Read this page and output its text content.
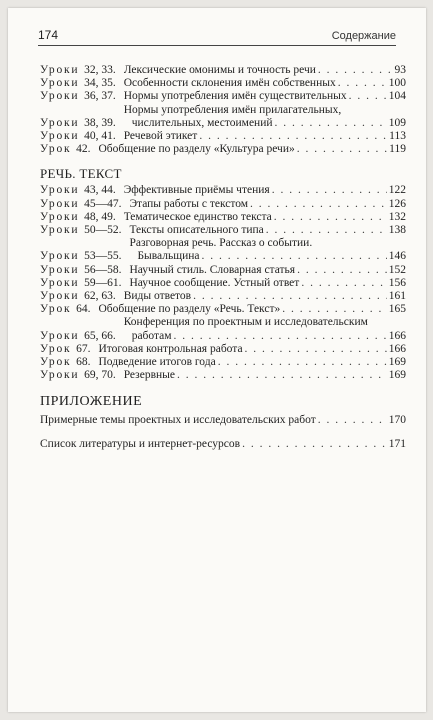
174	Содержание
Уроки 32, 33. Лексические омонимы и точность речи . . .	93
Уроки 34, 35. Особенности склонения имён собственных . . .	100
Уроки 36, 37. Нормы употребления имён существительных . . .	104
Уроки 38, 39.
Нормы употребления имён прилагательных,
числительных, местоимений . . .	109
Уроки 40, 41. Речевой этикет . . .	113
Урок 42. Обобщение по разделу «Культура речи» . . .	119
РЕЧЬ. ТЕКСТ
Уроки 43, 44. Эффективные приёмы чтения . . .	122
Уроки 45—47. Этапы работы с текстом . . .	126
Уроки 48, 49. Тематическое единство текста . . .	132
Уроки 50—52. Тексты описательного типа . . .	138
Уроки 53—55.
Разговорная речь. Рассказ о событии.
Бывальщина . . .	146
Уроки 56—58. Научный стиль. Словарная статья . . .	152
Уроки 59—61. Научное сообщение. Устный ответ . . .	156
Уроки 62, 63. Виды ответов . . .	161
Урок 64. Обобщение по разделу «Речь. Текст» . . .	165
Уроки 65, 66.
Конференция по проектным и исследовательским
работам . . .	166
Урок 67. Итоговая контрольная работа . . .	166
Урок 68. Подведение итогов года . . .	169
Уроки 69, 70. Резервные . . .	169
ПРИЛОЖЕНИЕ
Примерные темы проектных и исследовательских работ . . .	170
Список литературы и интернет-ресурсов . . .	171
